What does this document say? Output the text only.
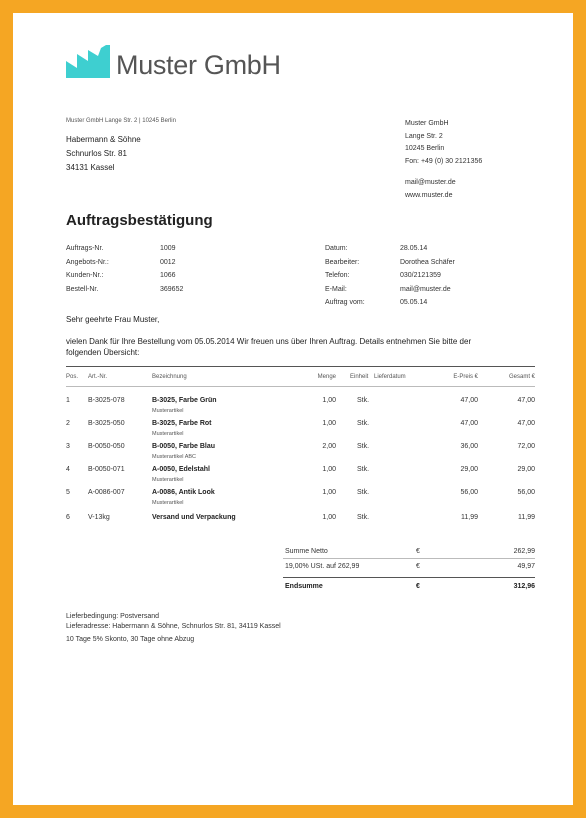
Muster GmbH
Muster GmbH Lange Str. 2 | 10245 Berlin
Habermann & Söhne
Schnurlos Str. 81
34131 Kassel
Muster GmbH
Lange Str. 2
10245 Berlin
Fon: +49 (0) 30 2121356
mail@muster.de
www.muster.de
Auftragsbestätigung
Auftrags-Nr.	1009
Angebots-Nr.:	0012
Kunden-Nr.:	1066
Bestell-Nr.	369652
Datum:	28.05.14
Bearbeiter:	Dorothea Schäfer
Telefon:	030/2121359
E-Mail:	mail@muster.de
Auftrag vom:	05.05.14
Sehr geehrte Frau Muster,
vielen Dank für Ihre Bestellung vom 05.05.2014 Wir freuen uns über Ihren Auftrag. Details entnehmen Sie bitte der folgenden Übersicht:
Pos. Art.-Nr.	Bezeichnung	Menge Einheit Lieferdatum	E-Preis €	Gesamt €
1	B-3025-078	B-3025, Farbe Grün	1,00	Stk.	47,00	47,00
Musterartikel
2	B-3025-050	B-3025, Farbe Rot	1,00	Stk.	47,00	47,00
Musterartikel
3	B-0050-050	B-0050, Farbe Blau	2,00	Stk.	36,00	72,00
Musterartikel ABC
4	B-0050-071	A-0050, Edelstahl	1,00	Stk.	29,00	29,00
Musterartikel
5	A-0086-007	A-0086, Antik Look	1,00	Stk.	56,00	56,00
Musterartikel
6	V-13kg	Versand und Verpackung	1,00	Stk.	11,99	11,99
Summe Netto	€	262,99
19,00% USt. auf 262,99	€	49,97
Endsumme	€	312,96
Lieferbedingung: Postversand
Lieferadresse: Habermann & Söhne, Schnurlos Str. 81, 34119 Kassel
10 Tage 5% Skonto, 30 Tage ohne Abzug
